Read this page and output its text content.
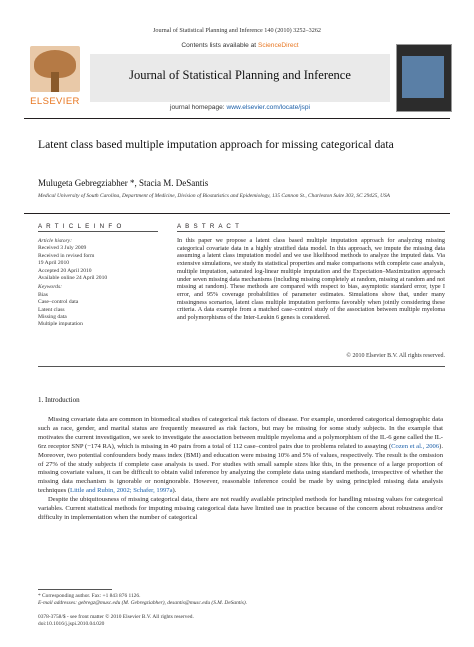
Journal of Statistical Planning and Inference 140 (2010) 3252–3262
ELSEVIER
Contents lists available at ScienceDirect
Journal of Statistical Planning and Inference
journal homepage: www.elsevier.com/locate/jspi
Latent class based multiple imputation approach for missing categorical data
Mulugeta Gebregziabher *, Stacia M. DeSantis
Medical University of South Carolina, Department of Medicine, Division of Biostatistics and Epidemiology, 135 Cannon St., Charleston Suite 303, SC 29425, USA
A R T I C L E I N F O
Article history:
Received 3 July 2009
Received in revised form
19 April 2010
Accepted 20 April 2010
Available online 24 April 2010
Keywords:
Bias
Case–control data
Latent class
Missing data
Multiple imputation
A B S T R A C T
In this paper we propose a latent class based multiple imputation approach for analyzing missing categorical covariate data in a highly stratified data model. In this approach, we impute the missing data assuming a latent class imputation model and we use likelihood methods to analyze the imputed data. Via extensive simulations, we study its statistical properties and make comparisons with complete case analysis, multiple imputation, saturated log-linear multiple imputation and the Expectation–Maximization approach under seven missing data mechanisms (including missing completely at random, missing at random and not missing at random). These methods are compared with respect to bias, asymptotic standard error, type I error, and 95% coverage probabilities of parameter estimates. Simulations show that, under many missingness scenarios, latent class multiple imputation performs favorably when jointly considering these criteria. A data example from a matched case–control study of the association between multiple myeloma and polymorphisms of the Inter-Leukin 6 genes is considered.
© 2010 Elsevier B.V. All rights reserved.
1. Introduction

Missing covariate data are common in biomedical studies of categorical risk factors of disease. For example, unordered categorical demographic data such as race, gender, and marital status are frequently measured as risk factors, but may be missing for some study subjects. In the example that motivates the current investigation, we seek to investigate the association between multiple myeloma and a polymorphism of the IL-6 gene called the IL-6rz receptor SNP (−174 RA), which is missing in 40 pairs from a total of 112 case–control pairs due to problems related to assaying (Cozen et al., 2006). Moreover, two potential confounders body mass index (BMI) and education were missing 10% and 5% of values, respectively. The result is the omission of 27% of the study subjects if complete case analysis is used. For studies with small sample sizes like this, in the presence of a large proportion of missing covariate values, it can be difficult to obtain valid inference by analyzing the complete data using standard methods, irrespective of whether the missing data mechanism is ignorable or nonignorable. However, reasonable inference could be made by using principled missing data analysis techniques (Little and Rubin, 2002; Schafer, 1997a).

Despite the ubiquitousness of missing categorical data, there are not readily available principled methods for handling missing values for categorical variables. Current statistical methods for imputing missing categorical data have limited use in practice because of the concern about robustness and/or difficulty in implementation when the number of categorical

* Corresponding author. Fax: +1 843 876 1126.
E-mail addresses: gebregz@musc.edu (M. Gebregziabher), desantis@musc.edu (S.M. DeSantis).
0378-3758/$ - see front matter © 2010 Elsevier B.V. All rights reserved.
doi:10.1016/j.jspi.2010.04.020
